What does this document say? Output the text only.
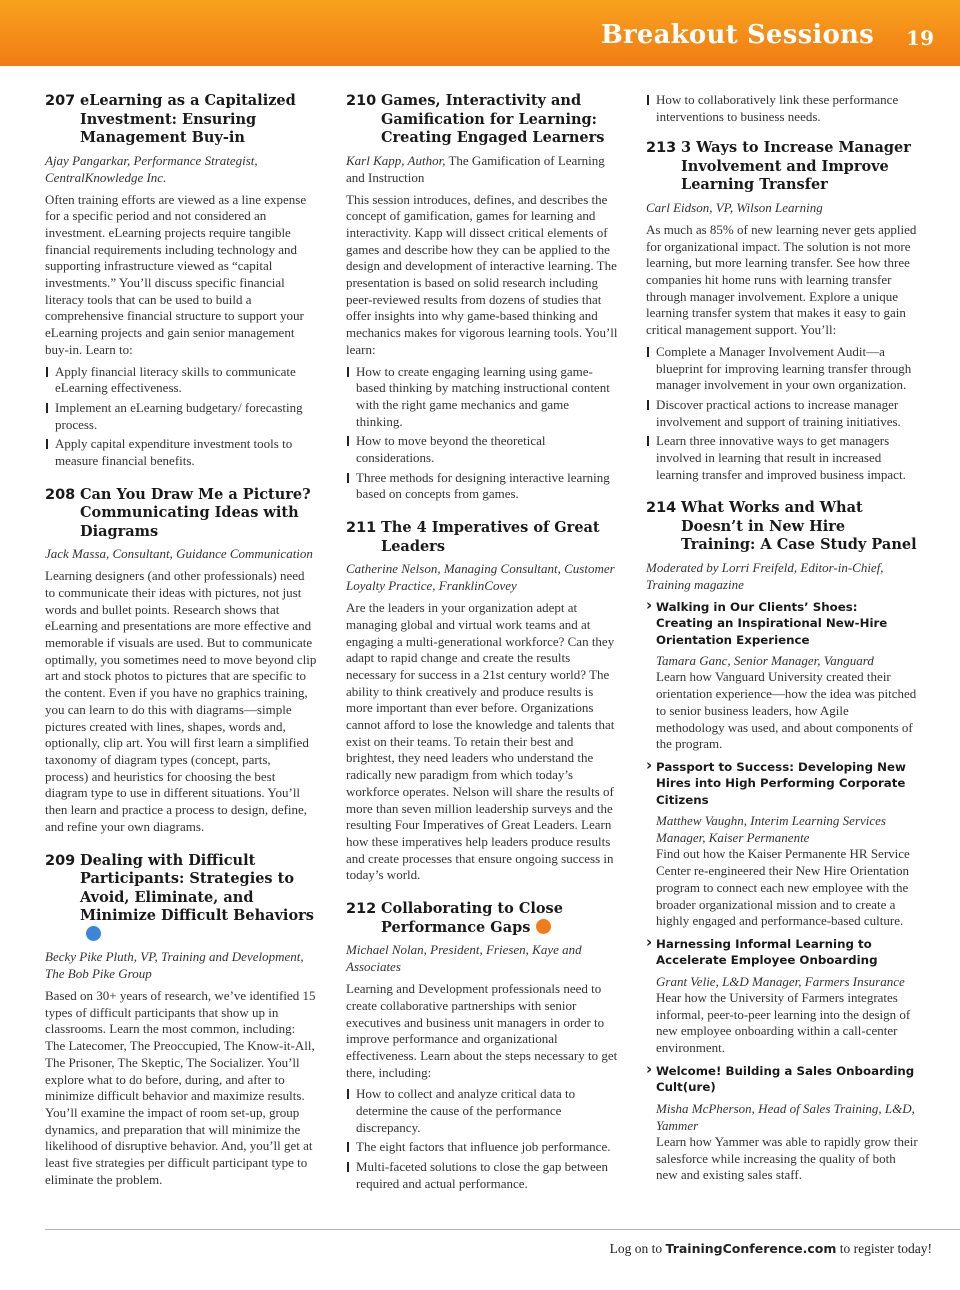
Breakout Sessions 19
207 eLearning as a Capitalized Investment: Ensuring Management Buy-in
Ajay Pangarkar, Performance Strategist, CentralKnowledge Inc.
Often training efforts are viewed as a line expense for a specific period and not considered an investment. eLearning projects require tangible financial requirements including technology and supporting infrastructure viewed as “capital investments.” You’ll discuss specific financial literacy tools that can be used to build a comprehensive financial structure to support your eLearning projects and gain senior management buy-in. Learn to:
Apply financial literacy skills to communicate eLearning effectiveness.
Implement an eLearning budgetary/ forecasting process.
Apply capital expenditure investment tools to measure financial benefits.
208 Can You Draw Me a Picture? Communicating Ideas with Diagrams
Jack Massa, Consultant, Guidance Communication
Learning designers (and other professionals) need to communicate their ideas with pictures, not just words and bullet points. Research shows that eLearning and presentations are more effective and memorable if visuals are used. But to communicate optimally, you sometimes need to move beyond clip art and stock photos to pictures that are specific to the content. Even if you have no graphics training, you can learn to do this with diagrams—simple pictures created with lines, shapes, words and, optionally, clip art. You will first learn a simplified taxonomy of diagram types (concept, parts, process) and heuristics for choosing the best diagram type to use in different situations. You’ll then learn and practice a process to design, define, and refine your own diagrams.
209 Dealing with Difficult Participants: Strategies to Avoid, Eliminate, and Minimize Difficult Behaviors
Becky Pike Pluth, VP, Training and Development, The Bob Pike Group
Based on 30+ years of research, we’ve identified 15 types of difficult participants that show up in classrooms. Learn the most common, including: The Latecomer, The Preoccupied, The Know-it-All, The Prisoner, The Skeptic, The Socializer. You’ll explore what to do before, during, and after to minimize difficult behavior and maximize results. You’ll examine the impact of room set-up, group dynamics, and preparation that will minimize the likelihood of disruptive behavior. And, you’ll get at least five strategies per difficult participant type to eliminate the problem.
210 Games, Interactivity and Gamification for Learning: Creating Engaged Learners
Karl Kapp, Author, The Gamification of Learning and Instruction
This session introduces, defines, and describes the concept of gamification, games for learning and interactivity. Kapp will dissect critical elements of games and describe how they can be applied to the design and development of interactive learning. The presentation is based on solid research including peer-reviewed results from dozens of studies that offer insights into why game-based thinking and mechanics makes for vigorous learning tools. You’ll learn:
How to create engaging learning using game-based thinking by matching instructional content with the right game mechanics and game thinking.
How to move beyond the theoretical considerations.
Three methods for designing interactive learning based on concepts from games.
211 The 4 Imperatives of Great Leaders
Catherine Nelson, Managing Consultant, Customer Loyalty Practice, FranklinCovey
Are the leaders in your organization adept at managing global and virtual work teams and at engaging a multi-generational workforce? Can they adapt to rapid change and create the results necessary for success in a 21st century world? The ability to think creatively and produce results is more important than ever before. Organizations cannot afford to lose the knowledge and talents that exist on their teams. To retain their best and brightest, they need leaders who understand the radically new paradigm from which today’s workforce operates. Nelson will share the results of more than seven million leadership surveys and the resulting Four Imperatives of Great Leaders. Learn how these imperatives help leaders produce results and create processes that ensure ongoing success in today’s world.
212 Collaborating to Close Performance Gaps
Michael Nolan, President, Friesen, Kaye and Associates
Learning and Development professionals need to create collaborative partnerships with senior executives and business unit managers in order to improve performance and organizational effectiveness. Learn about the steps necessary to get there, including:
How to collect and analyze critical data to determine the cause of the performance discrepancy.
The eight factors that influence job performance.
Multi-faceted solutions to close the gap between required and actual performance.
How to collaboratively link these performance interventions to business needs.
213 3 Ways to Increase Manager Involvement and Improve Learning Transfer
Carl Eidson, VP, Wilson Learning
As much as 85% of new learning never gets applied for organizational impact. The solution is not more learning, but more learning transfer. See how three companies hit home runs with learning transfer through manager involvement. Explore a unique learning transfer system that makes it easy to gain critical management support. You’ll:
Complete a Manager Involvement Audit—a blueprint for improving learning transfer through manager involvement in your own organization.
Discover practical actions to increase manager involvement and support of training initiatives.
Learn three innovative ways to get managers involved in learning that result in increased learning transfer and improved business impact.
214 What Works and What Doesn’t in New Hire Training: A Case Study Panel
Moderated by Lorri Freifeld, Editor-in-Chief, Training magazine
› Walking in Our Clients’ Shoes: Creating an Inspirational New-Hire Orientation Experience
Tamara Ganc, Senior Manager, Vanguard
Learn how Vanguard University created their orientation experience—how the idea was pitched to senior business leaders, how Agile methodology was used, and about components of the program.
› Passport to Success: Developing New Hires into High Performing Corporate Citizens
Matthew Vaughn, Interim Learning Services Manager, Kaiser Permanente
Find out how the Kaiser Permanente HR Service Center re-engineered their New Hire Orientation program to connect each new employee with the broader organizational mission and to create a highly engaged and performance-based culture.
› Harnessing Informal Learning to Accelerate Employee Onboarding
Grant Velie, L&D Manager, Farmers Insurance
Hear how the University of Farmers integrates informal, peer-to-peer learning into the design of new employee onboarding within a call-center environment.
› Welcome! Building a Sales Onboarding Cult(ure)
Misha McPherson, Head of Sales Training, L&D, Yammer
Learn how Yammer was able to rapidly grow their salesforce while increasing the quality of both new and existing sales staff.
Log on to TrainingConference.com to register today!
